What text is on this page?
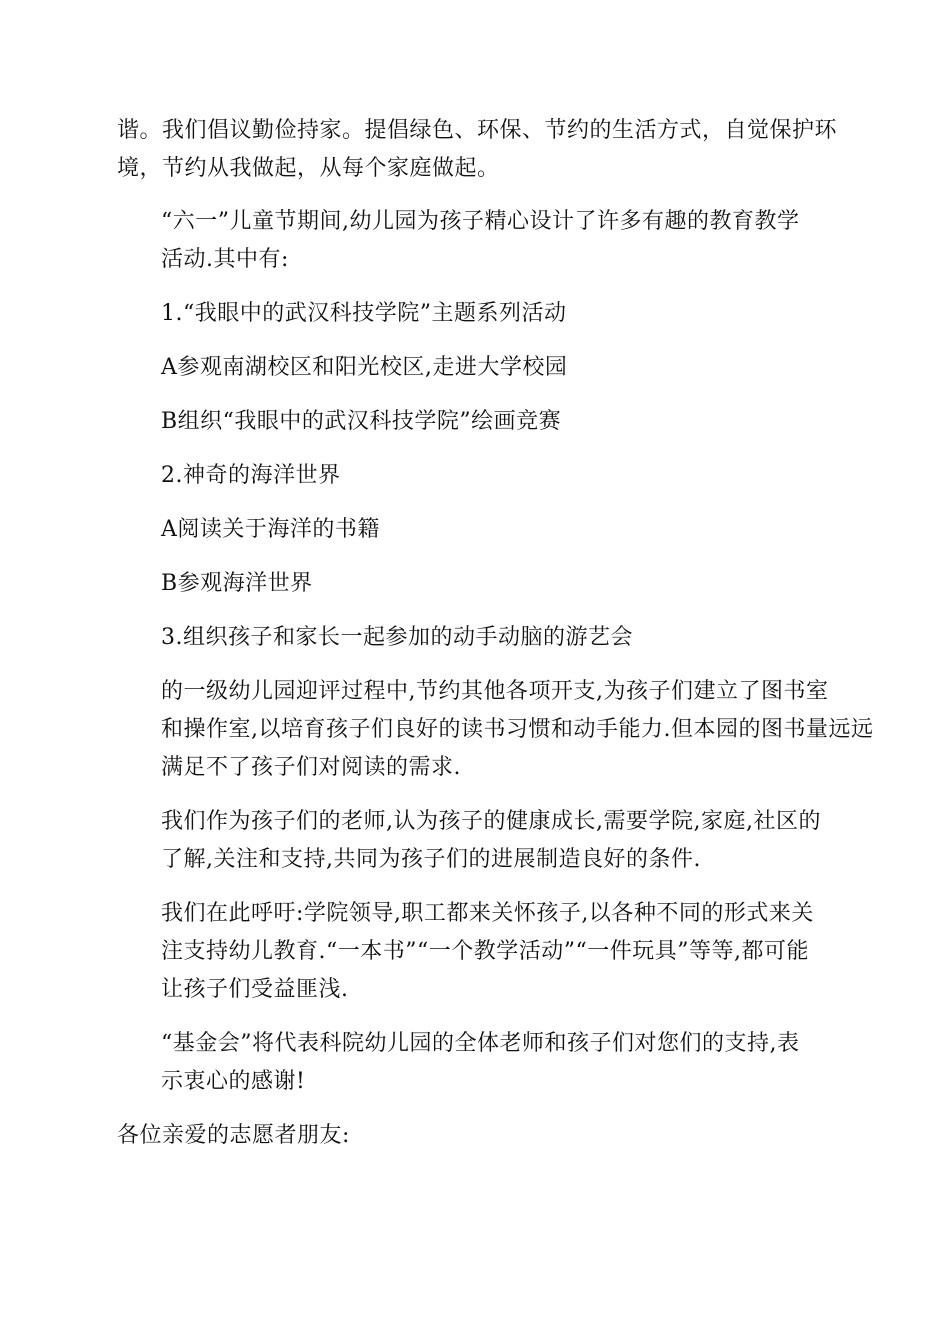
谐。我们倡议勤俭持家。提倡绿色、环保、节约的生活方式，自觉保护环
境，节约从我做起，从每个家庭做起。

“六一”儿童节期间,幼儿园为孩子精心设计了许多有趣的教育教学
活动.其中有:

1.“我眼中的武汉科技学院”主题系列活动

A参观南湖校区和阳光校区,走进大学校园

B组织“我眼中的武汉科技学院”绘画竞赛

2.神奇的海洋世界

A阅读关于海洋的书籍

B参观海洋世界

3.组织孩子和家长一起参加的动手动脑的游艺会

的一级幼儿园迎评过程中,节约其他各项开支,为孩子们建立了图书室
和操作室,以培育孩子们良好的读书习惯和动手能力.但本园的图书量远远
满足不了孩子们对阅读的需求.

我们作为孩子们的老师,认为孩子的健康成长,需要学院,家庭,社区的
了解,关注和支持,共同为孩子们的进展制造良好的条件.

我们在此呼吁:学院领导,职工都来关怀孩子,以各种不同的形式来关
注支持幼儿教育.“一本书”“一个教学活动”“一件玩具”等等,都可能
让孩子们受益匪浅.

“基金会”将代表科院幼儿园的全体老师和孩子们对您们的支持,表
示衷心的感谢!

各位亲爱的志愿者朋友:
